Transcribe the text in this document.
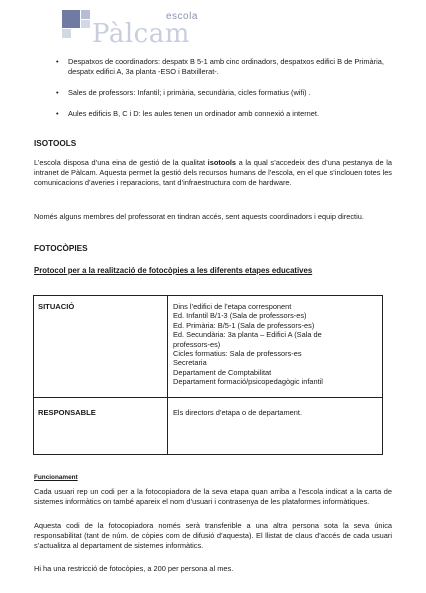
escola
Pàlcam
• Despatxos de coordinadors: despatx B 5-1 amb cinc ordinadors, despatxos edifici B de Primària, despatx edifici A, 3a planta -ESO i Batxillerat-.
• Sales de professors: Infantil; i primària, secundària, cicles formatius (wifi) .
• Aules edificis B, C i D: les aules tenen un ordinador amb connexió a internet.
ISOTOOLS
L’escola disposa d’una eina de gestió de la qualitat isotools a la qual s’accedeix des d’una pestanya de la intranet de Pàlcam. Aquesta permet la gestió dels recursos humans de l’escola, en el que s’inclouen totes les comunicacions d’averies i reparacions, tant d’infraestructura com de hardware.
Només alguns membres del professorat en tindran accés, sent aquests coordinadors i equip directiu.
FOTOCÒPIES
Protocol per a la realització de fotocòpies a les diferents etapes educatives
SITUACIÓ	Dins l’edifici de l’etapa corresponent
Ed. Infantil B/1-3 (Sala de professors-es)
Ed. Primària: B/5-1 (Sala de professors-es)
Ed. Secundària: 3a planta – Edifici A (Sala de
professors-es)
Cicles formatius: Sala de professors-es
Secretaria
Departament de Comptabilitat
Departament formació/psicopedagògic infantil
RESPONSABLE	Els directors d’etapa o de departament.
Funcionament
Cada usuari rep un codi per a la fotocopiadora de la seva etapa quan arriba a l’escola indicat a la carta de sistemes informàtics on també apareix el nom d’usuari i contrasenya de les plataformes informàtiques.
Aquesta codi de la fotocopiadora només serà transferible a una altra persona sota la seva única responsabilitat (tant de núm. de còpies com de difusió d’aquesta). El llistat de claus d’accés de cada usuari s’actualitza al departament de sistemes informàtics.
Hi ha una restricció de fotocòpies, a 200 per persona al mes.
